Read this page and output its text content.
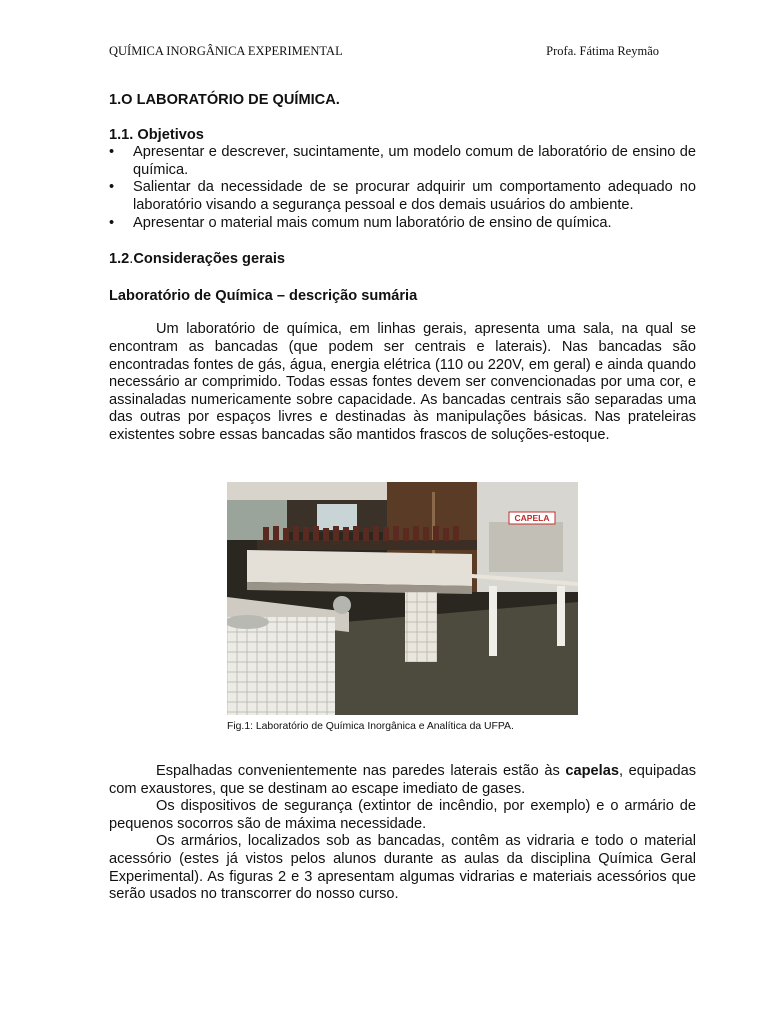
QUÍMICA INORGÂNICA EXPERIMENTAL	Profa. Fátima Reymão
1.O LABORATÓRIO DE QUÍMICA.
1.1. Objetivos
• Apresentar e descrever, sucintamente, um modelo comum de laboratório de ensino de química.
• Salientar da necessidade de se procurar adquirir um comportamento adequado no laboratório visando a segurança pessoal e dos demais usuários do ambiente.
• Apresentar o material mais comum num laboratório de ensino de química.
1.2.Considerações gerais
Laboratório de Química – descrição sumária

Um laboratório de química, em linhas gerais, apresenta uma sala, na qual se encontram as bancadas (que podem ser centrais e laterais). Nas bancadas são encontradas fontes de gás, água, energia elétrica (110 ou 220V, em geral) e ainda quando necessário ar comprimido. Todas essas fontes devem ser convencionadas por uma cor, e assinaladas numericamente sobre capacidade. As bancadas centrais são separadas uma das outras por espaços livres e destinadas às manipulações básicas. Nas prateleiras existentes sobre essas bancadas são mantidos frascos de soluções-estoque.

CAPELA
Fig.1: Laboratório de Química Inorgânica e Analítica da UFPA.

Espalhadas convenientemente nas paredes laterais estão às capelas, equipadas com exaustores, que se destinam ao escape imediato de gases.

Os dispositivos de segurança (extintor de incêndio, por exemplo) e o armário de pequenos socorros são de máxima necessidade.

Os armários, localizados sob as bancadas, contêm as vidraria e todo o material acessório (estes já vistos pelos alunos durante as aulas da disciplina Química Geral Experimental). As figuras 2 e 3 apresentam algumas vidrarias e materiais acessórios que serão usados no transcorrer do nosso curso.
